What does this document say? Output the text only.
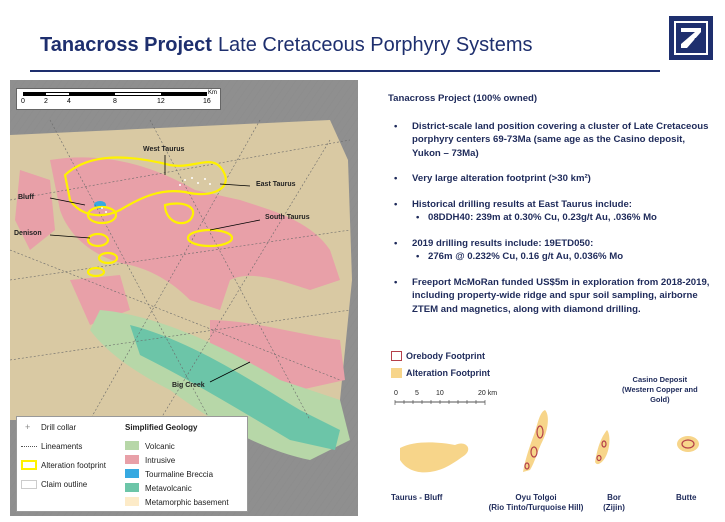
Tanacross Project Late Cretaceous Porphyry Systems
0	2	4	8	12	16
Km
West Taurus
East Taurus
Bluff
South Taurus
Denison
Big Creek
+ Drill collar
Lineaments
Alteration footprint
Claim outline
Simplified Geology
Volcanic
Intrusive
Tourmaline Breccia
Metavolcanic
Metamorphic basement
Tanacross Project (100% owned)
• District-scale land position covering a cluster of Late Cretaceous porphyry centers 69-73Ma (same age as the Casino deposit, Yukon – 73Ma)
• Very large alteration footprint (>30 km²)
• Historical drilling results at East Taurus include:
• 08DDH40: 239m at 0.30% Cu, 0.23g/t Au, .036% Mo
• 2019 drilling results include: 19ETD050:
• 276m @ 0.232% Cu, 0.16 g/t Au, 0.036% Mo
• Freeport McMoRan funded US$5m in exploration from 2018-2019, including property-wide ridge and spur soil sampling, airborne ZTEM and magnetics, along with diamond drilling.
Orebody Footprint
Alteration Footprint
0 5 10	20 km
Casino Deposit
(Western Copper and
Gold)
Taurus - Bluff	Oyu Tolgoi
(Rio Tinto/Turquoise Hill)
Bor
(Zijin)
Butte
